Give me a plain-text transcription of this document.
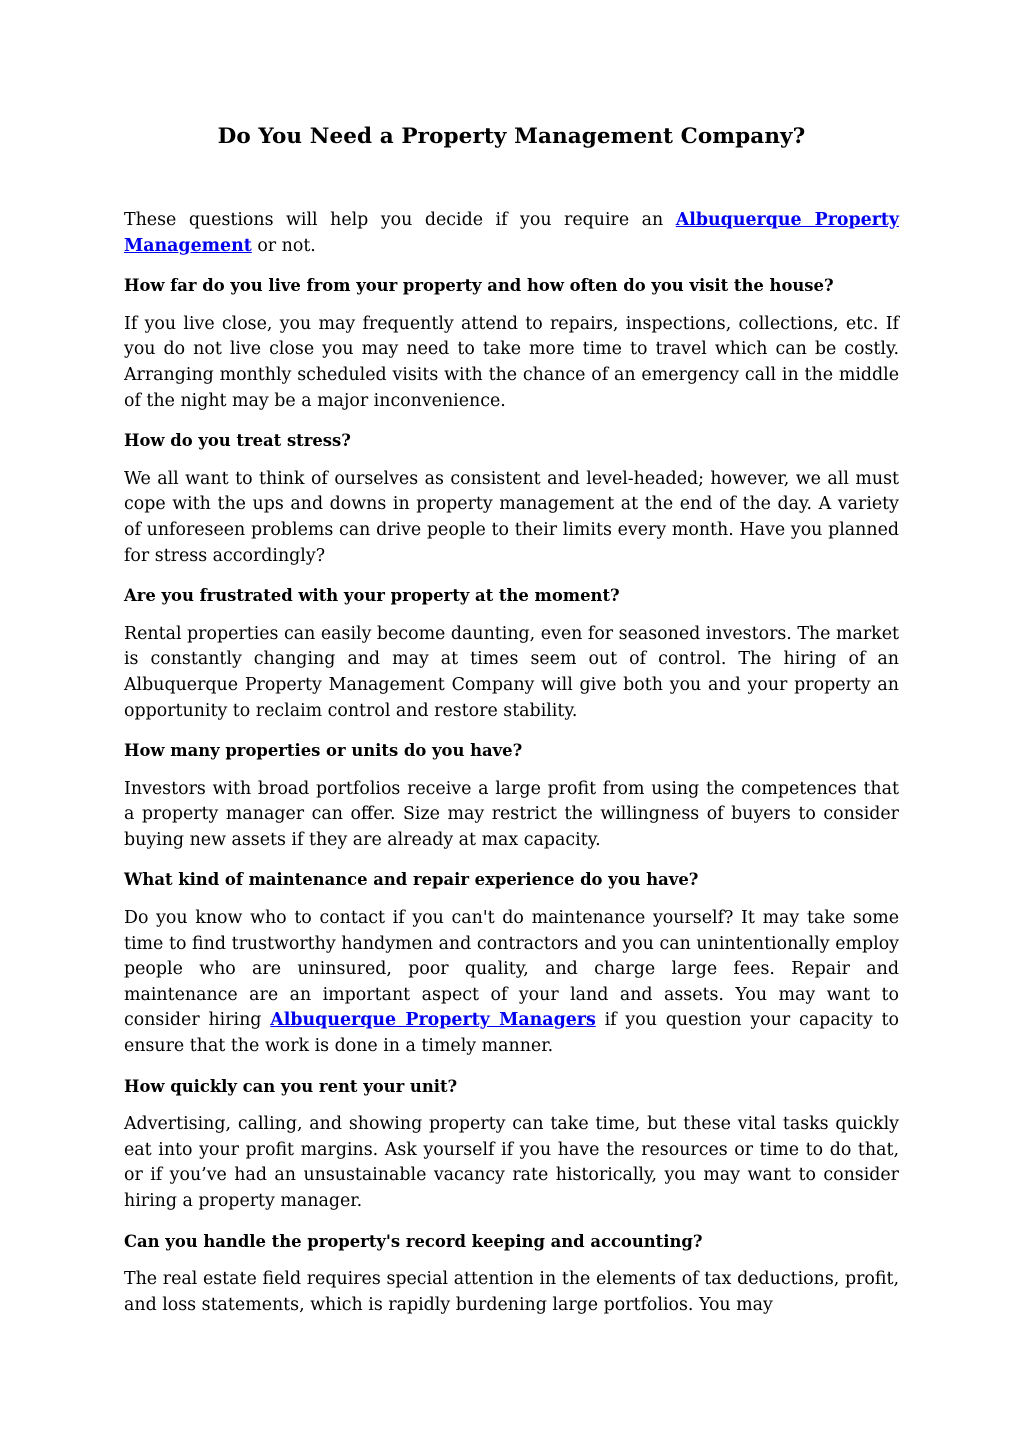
Do You Need a Property Management Company?

These questions will help you decide if you require an Albuquerque Property Management or not.

How far do you live from your property and how often do you visit the house?

If you live close, you may frequently attend to repairs, inspections, collections, etc. If you do not live close you may need to take more time to travel which can be costly. Arranging monthly scheduled visits with the chance of an emergency call in the middle of the night may be a major inconvenience.

How do you treat stress?

We all want to think of ourselves as consistent and level-headed; however, we all must cope with the ups and downs in property management at the end of the day. A variety of unforeseen problems can drive people to their limits every month. Have you planned for stress accordingly?

Are you frustrated with your property at the moment?

Rental properties can easily become daunting, even for seasoned investors. The market is constantly changing and may at times seem out of control. The hiring of an Albuquerque Property Management Company will give both you and your property an opportunity to reclaim control and restore stability.

How many properties or units do you have?

Investors with broad portfolios receive a large profit from using the competences that a property manager can offer. Size may restrict the willingness of buyers to consider buying new assets if they are already at max capacity.

What kind of maintenance and repair experience do you have?

Do you know who to contact if you can't do maintenance yourself? It may take some time to find trustworthy handymen and contractors and you can unintentionally employ people who are uninsured, poor quality, and charge large fees. Repair and maintenance are an important aspect of your land and assets. You may want to consider hiring Albuquerque Property Managers if you question your capacity to ensure that the work is done in a timely manner.

How quickly can you rent your unit?

Advertising, calling, and showing property can take time, but these vital tasks quickly eat into your profit margins. Ask yourself if you have the resources or time to do that, or if you’ve had an unsustainable vacancy rate historically, you may want to consider hiring a property manager.

Can you handle the property's record keeping and accounting?

The real estate field requires special attention in the elements of tax deductions, profit, and loss statements, which is rapidly burdening large portfolios. You may
